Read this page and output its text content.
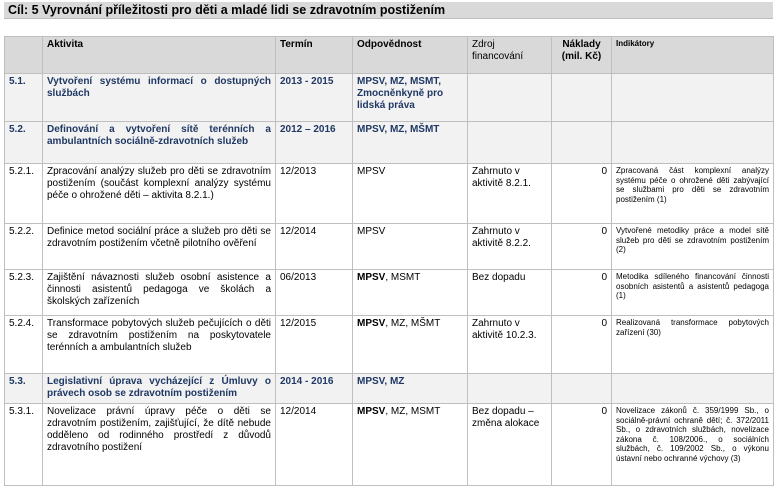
Cíl: 5 Vyrovnání příležitosti pro děti a mladé lidi se zdravotním postižením
	Aktivita	Termín	Odpovědnost	Zdroj financování	Náklady (mil. Kč)	Indikátory
5.1.	Vytvoření systému informací o dostupných službách	2013 - 2015	MPSV, MZ, MSMT, Zmocněnkyně pro lidská práva			
5.2.	Definování a vytvoření sítě terénních a ambulantních sociálně-zdravotních služeb	2012 – 2016	MPSV, MZ, MŠMT			
5.2.1.	Zpracování analýzy služeb pro děti se zdravotním postižením (součást komplexní analýzy systému péče o ohrožené děti – aktivita 8.2.1.)	12/2013	MPSV	Zahrnuto v aktivitě 8.2.1.	0	Zpracovaná část komplexní analýzy systému péče o ohrožené děti zabývající se službami pro děti se zdravotním postižením (1)
5.2.2.	Definice metod sociální práce a služeb pro děti se zdravotním postižením včetně pilotního ověření	12/2014	MPSV	Zahrnuto v aktivitě 8.2.2.	0	Vytvořené metodiky práce a model sítě služeb pro děti se zdravotním postižením (2)
5.2.3.	Zajištění návaznosti služeb osobní asistence a činnosti asistentů pedagoga ve školách a školských zařízeních	06/2013	MPSV, MSMT	Bez dopadu	0	Metodika sdíleného financování činnosti osobních asistentů a asistentů pedagoga (1)
5.2.4.	Transformace pobytových služeb pečujících o děti se zdravotním postižením na poskytovatele terénních a ambulantních služeb	12/2015	MPSV, MZ, MŠMT	Zahrnuto v aktivitě 10.2.3.	0	Realizovaná transformace pobytových zařízení (30)
5.3.	Legislativní úprava vycházející z Úmluvy o právech osob se zdravotním postižením	2014 - 2016	MPSV, MZ			
5.3.1.	Novelizace právní úpravy péče o děti se zdravotním postižením, zajišťující, že dítě nebude odděleno od rodinného prostředí z důvodů zdravotního postižení	12/2014	MPSV, MZ, MSMT	Bez dopadu – změna alokace	0	Novelizace zákonů č. 359/1999 Sb., o sociálně-právní ochraně dětí; č. 372/2011 Sb., o zdravotních službách, novelizace zákona č. 108/2006., o sociálních službách, č. 109/2002 Sb., o výkonu ústavní nebo ochranné výchovy (3)
